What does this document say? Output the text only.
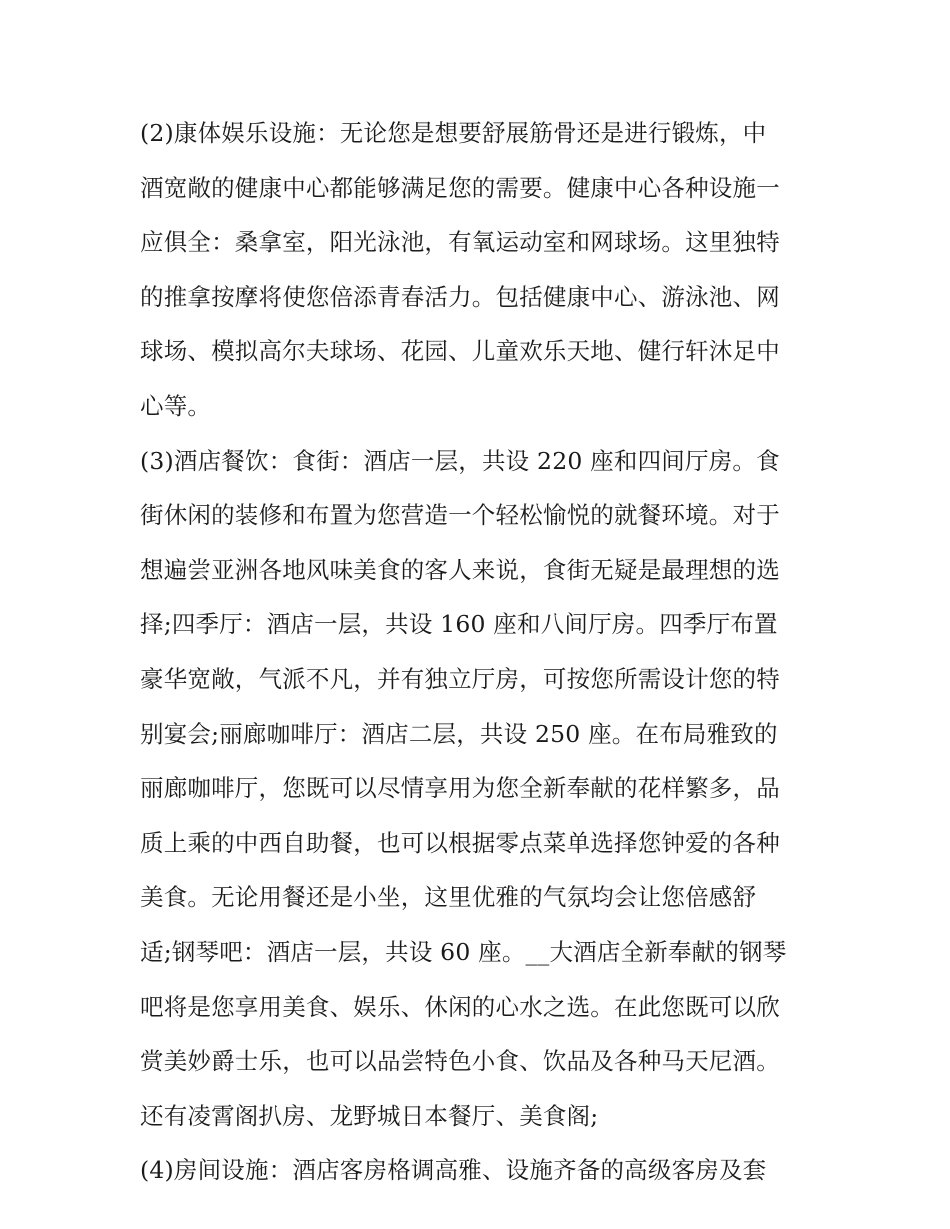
(2)康体娱乐设施：无论您是想要舒展筋骨还是进行锻炼，中
酒宽敞的健康中心都能够满足您的需要。健康中心各种设施一
应俱全：桑拿室，阳光泳池，有氧运动室和网球场。这里独特
的推拿按摩将使您倍添青春活力。包括健康中心、游泳池、网
球场、模拟高尔夫球场、花园、儿童欢乐天地、健行轩沐足中
心等。
(3)酒店餐饮：食街：酒店一层，共设 220 座和四间厅房。食
街休闲的装修和布置为您营造一个轻松愉悦的就餐环境。对于
想遍尝亚洲各地风味美食的客人来说，食街无疑是最理想的选
择;四季厅：酒店一层，共设 160 座和八间厅房。四季厅布置
豪华宽敞，气派不凡，并有独立厅房，可按您所需设计您的特
别宴会;丽廊咖啡厅：酒店二层，共设 250 座。在布局雅致的
丽廊咖啡厅，您既可以尽情享用为您全新奉献的花样繁多，品
质上乘的中西自助餐，也可以根据零点菜单选择您钟爱的各种
美食。无论用餐还是小坐，这里优雅的气氛均会让您倍感舒
适;钢琴吧：酒店一层，共设 60 座。__大酒店全新奉献的钢琴
吧将是您享用美食、娱乐、休闲的心水之选。在此您既可以欣
赏美妙爵士乐，也可以品尝特色小食、饮品及各种马天尼酒。
还有凌霄阁扒房、龙野城日本餐厅、美食阁;
(4)房间设施：酒店客房格调高雅、设施齐备的高级客房及套
